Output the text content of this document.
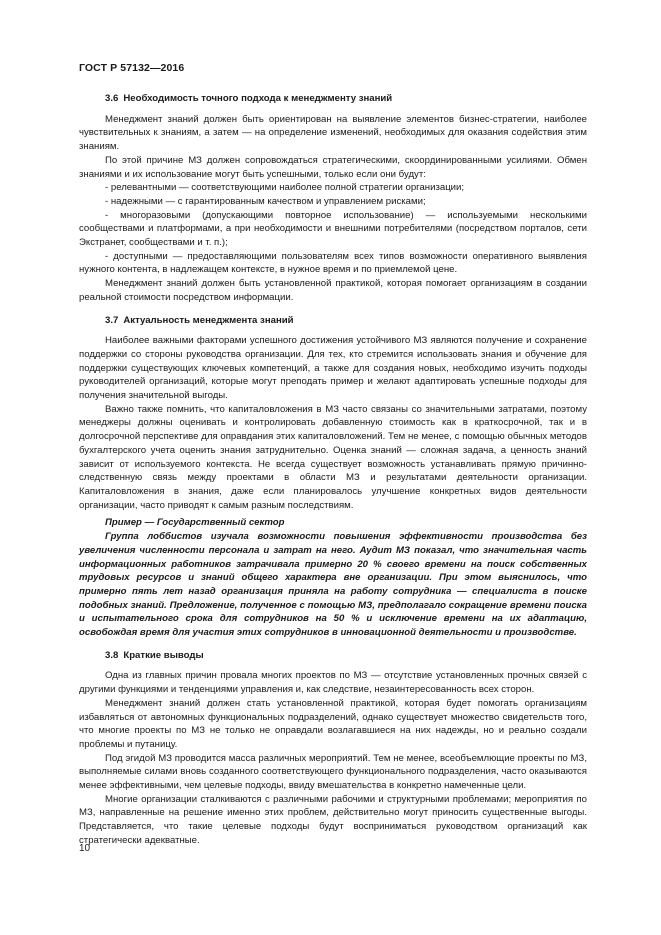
ГОСТ Р 57132—2016
3.6 Необходимость точного подхода к менеджменту знаний

Менеджмент знаний должен быть ориентирован на выявление элементов бизнес-стратегии, наиболее чувствительных к знаниям, а затем — на определение изменений, необходимых для оказания содействия этим знаниям.

По этой причине МЗ должен сопровождаться стратегическими, скоординированными усилиями. Обмен знаниями и их использование могут быть успешными, только если они будут:

- релевантными — соответствующими наиболее полной стратегии организации;

- надежными — с гарантированным качеством и управлением рисками;

- многоразовыми (допускающими повторное использование) — используемыми несколькими сообществами и платформами, а при необходимости и внешними потребителями (посредством порталов, сети Экстранет, сообществами и т. п.);

- доступными — предоставляющими пользователям всех типов возможности оперативного выявления нужного контента, в надлежащем контексте, в нужное время и по приемлемой цене.

Менеджмент знаний должен быть установленной практикой, которая помогает организациям в создании реальной стоимости посредством информации.

3.7 Актуальность менеджмента знаний

Наиболее важными факторами успешного достижения устойчивого МЗ являются получение и сохранение поддержки со стороны руководства организации. Для тех, кто стремится использовать знания и обучение для поддержки существующих ключевых компетенций, а также для создания новых, необходимо изучить подходы руководителей организаций, которые могут преподать пример и желают адаптировать успешные подходы для получения значительной выгоды.

Важно также помнить, что капиталовложения в МЗ часто связаны со значительными затратами, поэтому менеджеры должны оценивать и контролировать добавленную стоимость как в краткосрочной, так и в долгосрочной перспективе для оправдания этих капиталовложений. Тем не менее, с помощью обычных методов бухгалтерского учета оценить знания затруднительно. Оценка знаний — сложная задача, а ценность знаний зависит от используемого контекста. Не всегда существует возможность устанавливать прямую причинно-следственную связь между проектами в области МЗ и результатами деятельности организации. Капиталовложения в знания, даже если планировалось улучшение конкретных видов деятельности организации, часто приводят к самым разным последствиям.

Пример — Государственный сектор

Группа лоббистов изучала возможности повышения эффективности производства без увеличения численности персонала и затрат на него. Аудит МЗ показал, что значительная часть информационных работников затрачивала примерно 20 % своего времени на поиск собственных трудовых ресурсов и знаний общего характера вне организации. При этом выяснилось, что примерно пять лет назад организация приняла на работу сотрудника — специалиста в поиске подобных знаний. Предложение, полученное с помощью МЗ, предполагало сокращение времени поиска и испытательного срока для сотрудников на 50 % и исключение времени на их адаптацию, освобождая время для участия этих сотрудников в инновационной деятельности и производстве.

3.8 Краткие выводы

Одна из главных причин провала многих проектов по МЗ — отсутствие установленных прочных связей с другими функциями и тенденциями управления и, как следствие, незаинтересованность всех сторон.

Менеджмент знаний должен стать установленной практикой, которая будет помогать организациям избавляться от автономных функциональных подразделений, однако существует множество свидетельств того, что многие проекты по МЗ не только не оправдали возлагавшиеся на них надежды, но и реально создали проблемы и путаницу.

Под эгидой МЗ проводится масса различных мероприятий. Тем не менее, всеобъемлющие проекты по МЗ, выполняемые силами вновь созданного соответствующего функционального подразделения, часто оказываются менее эффективными, чем целевые подходы, ввиду вмешательства в конкретно намеченные цели.

Многие организации сталкиваются с различными рабочими и структурными проблемами; мероприятия по МЗ, направленные на решение именно этих проблем, действительно могут приносить существенные выгоды. Представляется, что такие целевые подходы будут восприниматься руководством организаций как стратегически адекватные.

10
